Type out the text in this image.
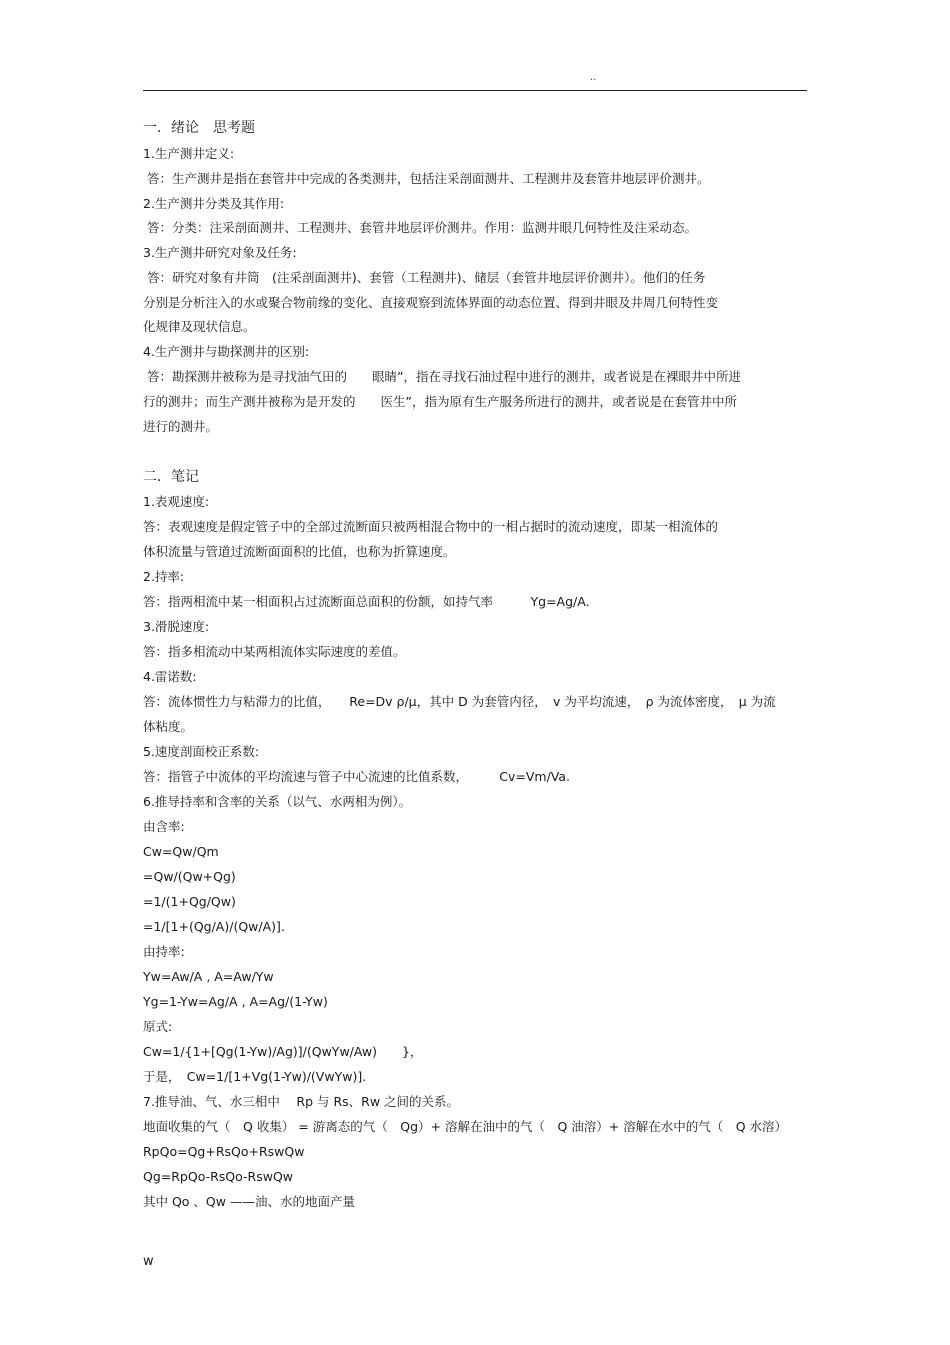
..
一．绪论　思考题
1.生产测井定义:
答：生产测井是指在套管井中完成的各类测井，包括注采剖面测井、工程测井及套管井地层评价测井。
2.生产测井分类及其作用:
答：分类：注采剖面测井、工程测井、套管井地层评价测井。作用：监测井眼几何特性及注采动态。
3.生产测井研究对象及任务:
答：研究对象有井筒　(注采剖面测井)、套管（工程测井)、储层（套管井地层评价测井）。他们的任务
分别是分析注入的水或聚合物前缘的变化、直接观察到流体界面的动态位置、得到井眼及井周几何特性变
化规律及现状信息。
4.生产测井与勘探测井的区别:
答：勘探测井被称为是寻找油气田的　　眼睛”，指在寻找石油过程中进行的测井，或者说是在裸眼井中所进
行的测井；而生产测井被称为是开发的　　医生”，指为原有生产服务所进行的测井，或者说是在套管井中所
进行的测井。
二．笔记
1.表观速度:
答：表观速度是假定管子中的全部过流断面只被两相混合物中的一相占据时的流动速度，即某一相流体的
体积流量与管道过流断面面积的比值，也称为折算速度。
2.持率:
答：指两相流中某一相面积占过流断面总面积的份额，如持气率　　　Yg=Ag/A.
3.滑脱速度:
答：指多相流动中某两相流体实际速度的差值。
4.雷诺数:
答：流体惯性力与粘滞力的比值，　　Re=Dv ρ/μ，其中 D 为套管内径，　v 为平均流速，　ρ 为流体密度，　μ 为流
体粘度。
5.速度剖面校正系数:
答：指管子中流体的平均流速与管子中心流速的比值系数，　　　Cv=Vm/Va.
6.推导持率和含率的关系（以气、水两相为例）。
由含率:
Cw=Qw/Qm
=Qw/(Qw+Qg)
=1/(1+Qg/Qw)
=1/[1+(Qg/A)/(Qw/A)].
由持率:
Yw=Aw/A , A=Aw/Yw
Yg=1-Yw=Ag/A , A=Ag/(1-Yw)
原式:
Cw=1/{1+[Qg(1-Yw)/Ag)]/(QwYw/Aw)　　}，
于是，　Cw=1/[1+Vg(1-Yw)/(VwYw)].
7.推导油、气、水三相中　 Rp 与 Rs、Rw 之间的关系。
地面收集的气（　Q 收集） = 游离态的气（　Qg）+ 溶解在油中的气（　Q 油溶）+ 溶解在水中的气（　Q 水溶）
RpQo=Qg+RsQo+RswQw
Qg=RpQo-RsQo-RswQw
其中 Qo 、Qw ——油、水的地面产量
w
